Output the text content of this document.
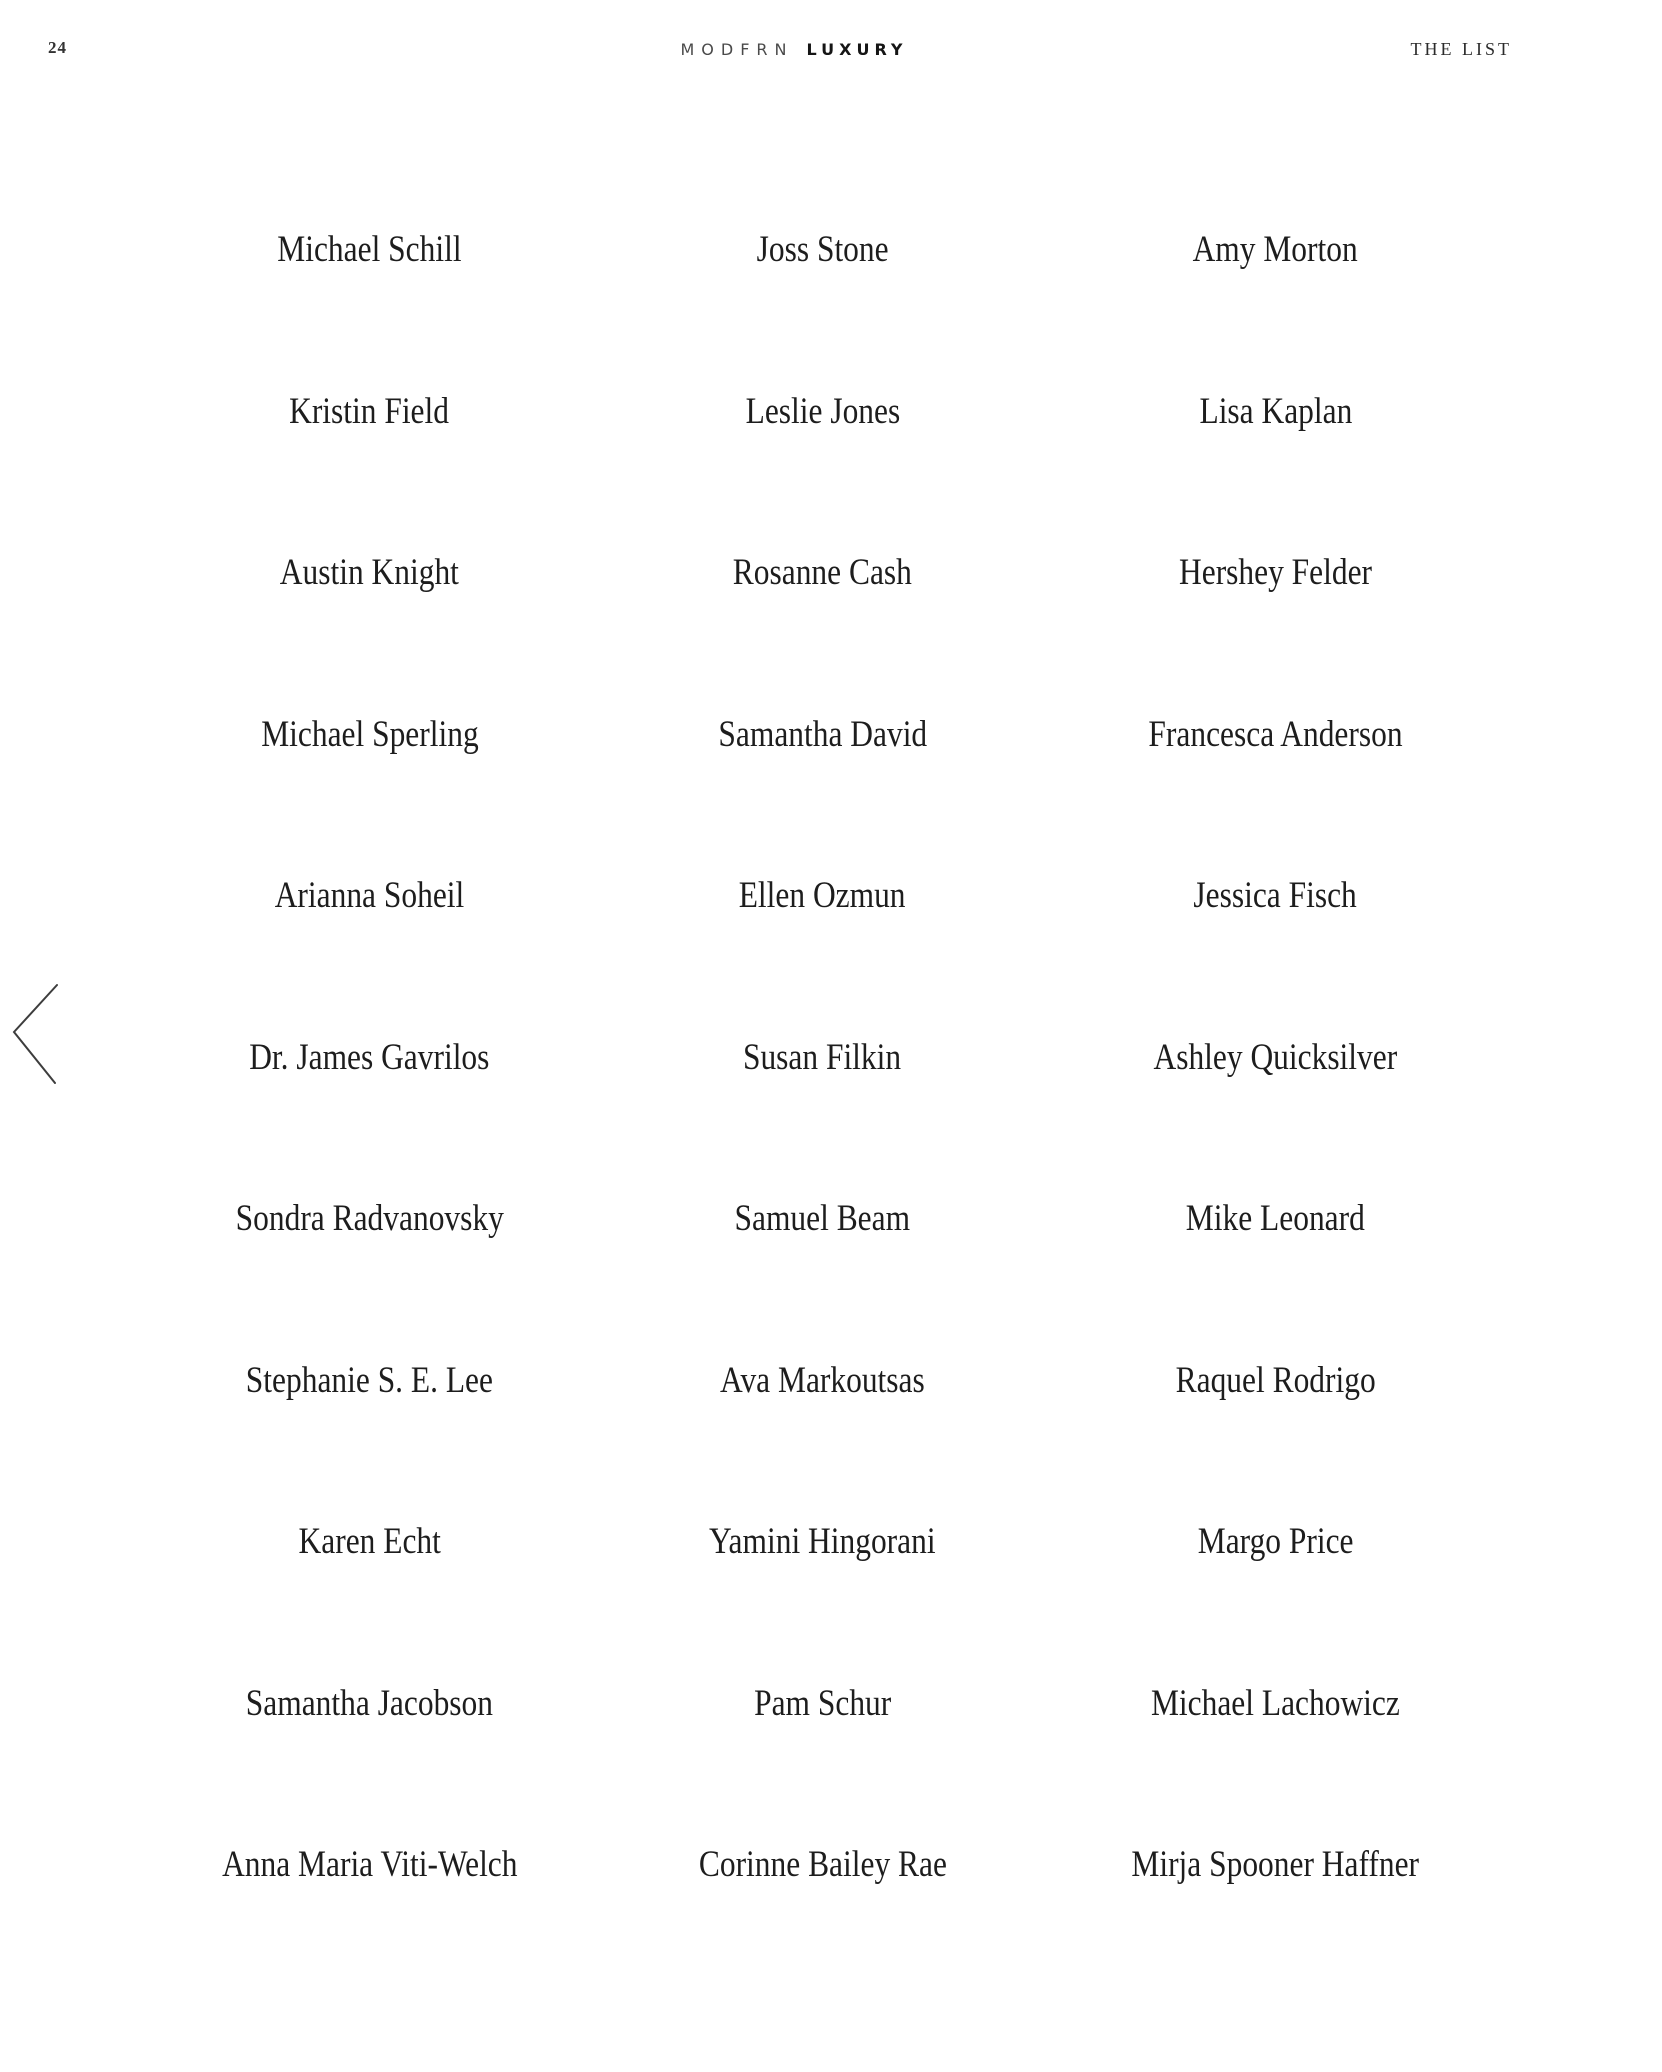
24	MODFRN LUXURY	THE LIST
Michael Schill	Joss Stone	Amy Morton
Kristin Field	Leslie Jones	Lisa Kaplan
Austin Knight	Rosanne Cash	Hershey Felder
Michael Sperling	Samantha David	Francesca Anderson
Arianna Soheil	Ellen Ozmun	Jessica Fisch
Dr. James Gavrilos	Susan Filkin	Ashley Quicksilver
Sondra Radvanovsky	Samuel Beam	Mike Leonard
Stephanie S. E. Lee	Ava Markoutsas	Raquel Rodrigo
Karen Echt	Yamini Hingorani	Margo Price
Samantha Jacobson	Pam Schur	Michael Lachowicz
Anna Maria Viti-Welch	Corinne Bailey Rae	Mirja Spooner Haffner
